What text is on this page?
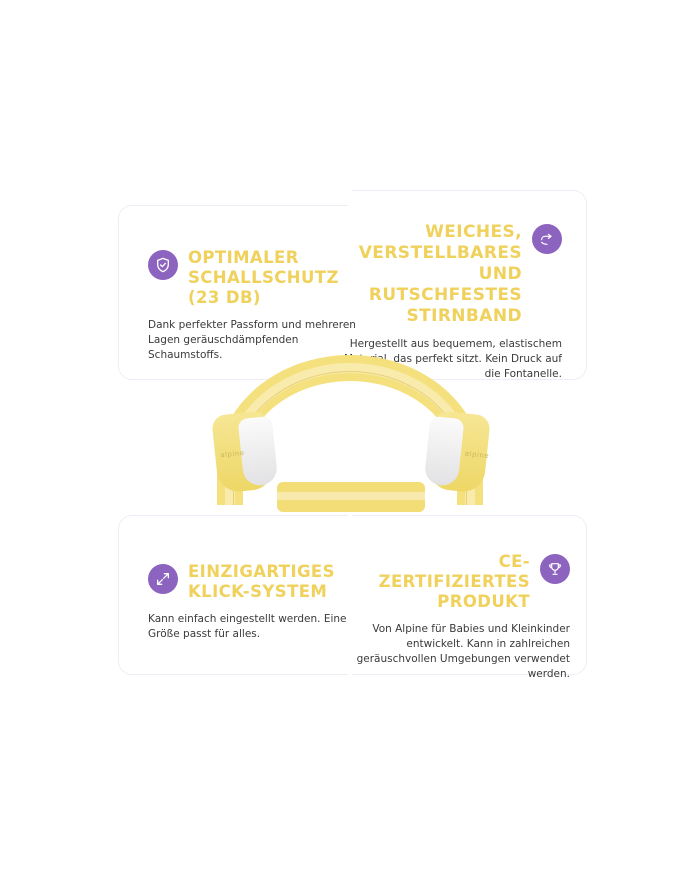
OPTIMALER
SCHALLSCHUTZ
(23 DB)
Dank perfekter Passform und mehreren Lagen geräuschdämpfenden Schaumstoffs.
WEICHES, VERSTELLBARES
UND RUTSCHFESTES
STIRNBAND
Hergestellt aus bequemem, elastischem Material, das perfekt sitzt. Kein Druck auf die Fontanelle.
alpine	alpine
EINZIGARTIGES
KLICK-SYSTEM
Kann einfach eingestellt werden. Eine Größe passt für alles.
CE-ZERTIFIZIERTES
PRODUKT
Von Alpine für Babies und Kleinkinder entwickelt. Kann in zahlreichen geräuschvollen Umgebungen verwendet werden.
